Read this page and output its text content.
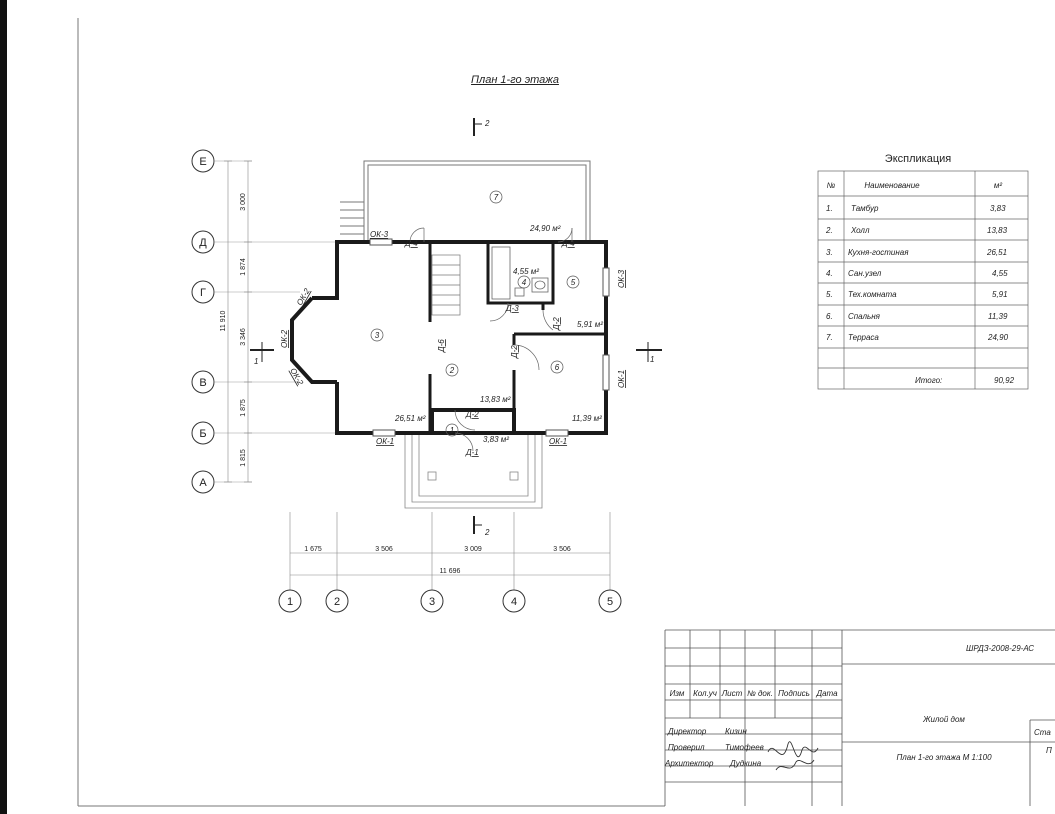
План 1-го этажа
Экспликация
2
2
1	1
Е
Д
Г
В
Б
А
3 000
1 874
3 346
1 875
1 815
11 910
1 675	3 506	3 009	3 506
11 696
1	2	3	4	5
7
24,90 м²
3
26,51 м²
2
13,83 м²
4
4,55 м²
5
5,91 м²
6
11,39 м²
1
3,83 м²
ОК-3
Д-4	Д-4
ОК-3
ОК-2
ОК-2
ОК-2
Д-6
Д-3
Д-2
Д-2
Д-2
ОК-1
ОК-1	ОК-1
Д-1
№	Наименование	м²
1. Тамбур	3,83
2. Холл	13,83
3. Кухня-гостиная	26,51
4. Сан.узел	4,55
5. Тех.комната	5,91
6. Спальня	11,39
7. Терраса	24,90
Итого:	90,92
ШРДЗ-2008-29-АС
Изм Кол.уч Лист № док. Подпись Дата
Директор Кизин
Проверил	Тимофеев
Архитектор Дудкина
Жилой дом
План 1-го этажа М 1:100
Ста
П
